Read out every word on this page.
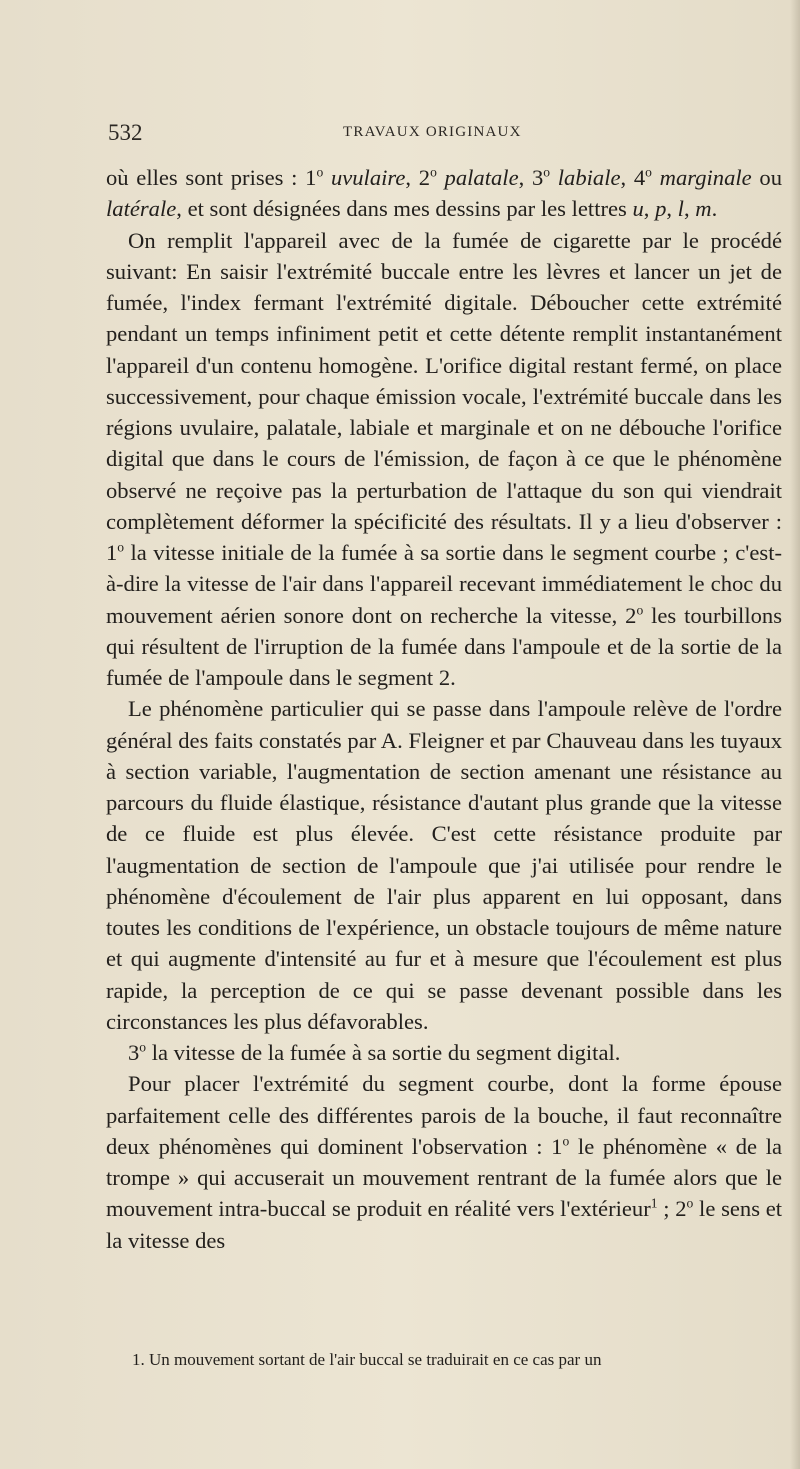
532	TRAVAUX ORIGINAUX

où elles sont prises : 1$^o$ uvulaire, 2$^o$ palatale, 3$^o$ labiale, 4$^o$ marginale ou latérale, et sont désignées dans mes dessins par les lettres u, p, l, m.

On remplit l'appareil avec de la fumée de cigarette par le procédé suivant: En saisir l'extrémité buccale entre les lèvres et lancer un jet de fumée, l'index fermant l'extrémité digitale. Déboucher cette extrémité pendant un temps infiniment petit et cette détente remplit instantanément l'appareil d'un contenu homogène. L'orifice digital restant fermé, on place successivement, pour chaque émission vocale, l'extrémité buccale dans les régions uvulaire, palatale, labiale et marginale et on ne débouche l'orifice digital que dans le cours de l'émission, de façon à ce que le phénomène observé ne reçoive pas la perturbation de l'attaque du son qui viendrait complètement déformer la spécificité des résultats. Il y a lieu d'observer : 1$^o$ la vitesse initiale de la fumée à sa sortie dans le segment courbe ; c'est-à-dire la vitesse de l'air dans l'appareil recevant immédiatement le choc du mouvement aérien sonore dont on recherche la vitesse, 2$^o$ les tourbillons qui résultent de l'irruption de la fumée dans l'ampoule et de la sortie de la fumée de l'ampoule dans le segment 2.

Le phénomène particulier qui se passe dans l'ampoule relève de l'ordre général des faits constatés par A. Fleigner et par Chauveau dans les tuyaux à section variable, l'augmentation de section amenant une résistance au parcours du fluide élastique, résistance d'autant plus grande que la vitesse de ce fluide est plus élevée. C'est cette résistance produite par l'augmentation de section de l'ampoule que j'ai utilisée pour rendre le phénomène d'écoulement de l'air plus apparent en lui opposant, dans toutes les conditions de l'expérience, un obstacle toujours de même nature et qui augmente d'intensité au fur et à mesure que l'écoulement est plus rapide, la perception de ce qui se passe devenant possible dans les circonstances les plus défavorables.

3$^o$ la vitesse de la fumée à sa sortie du segment digital.

Pour placer l'extrémité du segment courbe, dont la forme épouse parfaitement celle des différentes parois de la bouche, il faut reconnaître deux phénomènes qui dominent l'observation : 1$^o$ le phénomène « de la trompe » qui accuserait un mouvement rentrant de la fumée alors que le mouvement intra-buccal se produit en réalité vers l'extérieur$^1$ ; 2$^o$ le sens et la vitesse des

1. Un mouvement sortant de l'air buccal se traduirait en ce cas par un
